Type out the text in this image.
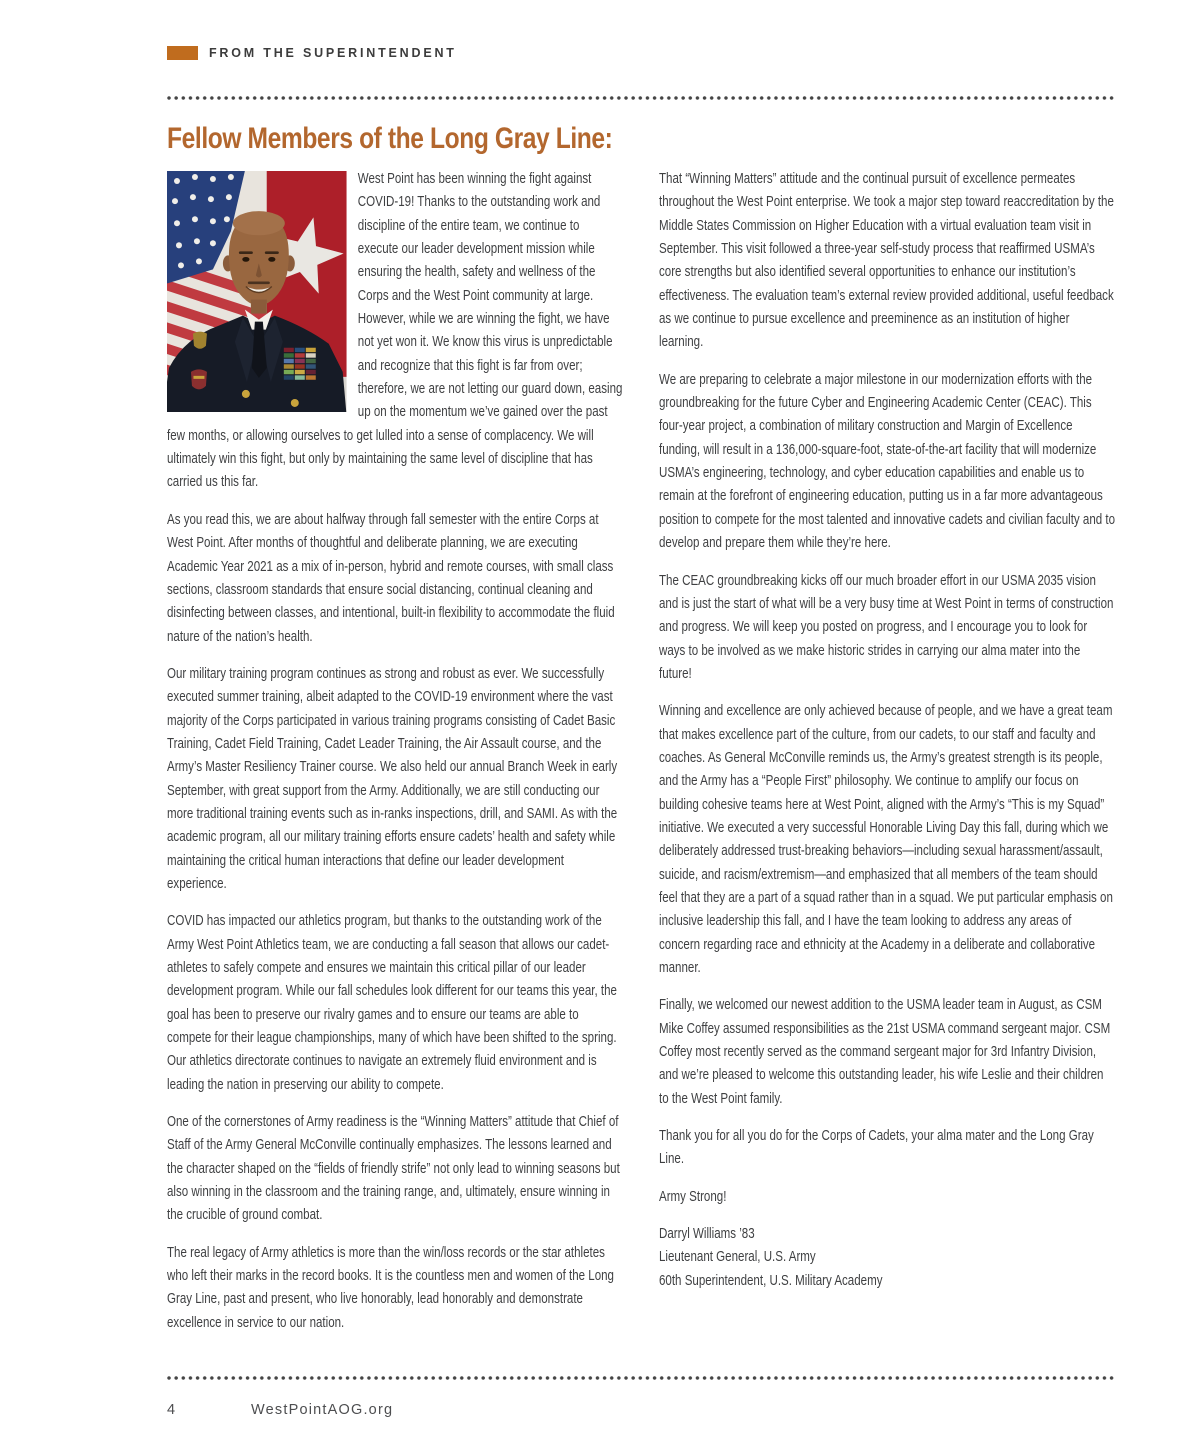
FROM THE SUPERINTENDENT
Fellow Members of the Long Gray Line:

West Point has been winning the fight against COVID-19! Thanks to the outstanding work and discipline of the entire team, we continue to execute our leader development mission while ensuring the health, safety and wellness of the Corps and the West Point community at large. However, while we are winning the fight, we have not yet won it. We know this virus is unpredictable and recognize that this fight is far from over; therefore, we are not letting our guard down, easing up on the momentum we’ve gained over the past few months, or allowing ourselves to get lulled into a sense of complacency. We will ultimately win this fight, but only by maintaining the same level of discipline that has carried us this far.

As you read this, we are about halfway through fall semester with the entire Corps at West Point. After months of thoughtful and deliberate planning, we are executing Academic Year 2021 as a mix of in-person, hybrid and remote courses, with small class sections, classroom standards that ensure social distancing, continual cleaning and disinfecting between classes, and intentional, built-in flexibility to accommodate the fluid nature of the nation’s health.

Our military training program continues as strong and robust as ever. We successfully executed summer training, albeit adapted to the COVID-19 environment where the vast majority of the Corps participated in various training programs consisting of Cadet Basic Training, Cadet Field Training, Cadet Leader Training, the Air Assault course, and the Army’s Master Resiliency Trainer course. We also held our annual Branch Week in early September, with great support from the Army. Additionally, we are still conducting our more traditional training events such as in-ranks inspections, drill, and SAMI. As with the academic program, all our military training efforts ensure cadets’ health and safety while maintaining the critical human interactions that define our leader development experience.

COVID has impacted our athletics program, but thanks to the outstanding work of the Army West Point Athletics team, we are conducting a fall season that allows our cadet-athletes to safely compete and ensures we maintain this critical pillar of our leader development program. While our fall schedules look different for our teams this year, the goal has been to preserve our rivalry games and to ensure our teams are able to compete for their league championships, many of which have been shifted to the spring. Our athletics directorate continues to navigate an extremely fluid environment and is leading the nation in preserving our ability to compete.

One of the cornerstones of Army readiness is the “Winning Matters” attitude that Chief of Staff of the Army General McConville continually emphasizes. The lessons learned and the character shaped on the “fields of friendly strife” not only lead to winning seasons but also winning in the classroom and the training range, and, ultimately, ensure winning in the crucible of ground combat.

The real legacy of Army athletics is more than the win/loss records or the star athletes who left their marks in the record books. It is the countless men and women of the Long Gray Line, past and present, who live honorably, lead honorably and demonstrate excellence in service to our nation.

That “Winning Matters” attitude and the continual pursuit of excellence permeates throughout the West Point enterprise. We took a major step toward reaccreditation by the Middle States Commission on Higher Education with a virtual evaluation team visit in September. This visit followed a three-year self-study process that reaffirmed USMA’s core strengths but also identified several opportunities to enhance our institution’s effectiveness. The evaluation team’s external review provided additional, useful feedback as we continue to pursue excellence and preeminence as an institution of higher learning.

We are preparing to celebrate a major milestone in our modernization efforts with the groundbreaking for the future Cyber and Engineering Academic Center (CEAC). This four-year project, a combination of military construction and Margin of Excellence funding, will result in a 136,000-square-foot, state-of-the-art facility that will modernize USMA’s engineering, technology, and cyber education capabilities and enable us to remain at the forefront of engineering education, putting us in a far more advantageous position to compete for the most talented and innovative cadets and civilian faculty and to develop and prepare them while they’re here.

The CEAC groundbreaking kicks off our much broader effort in our USMA 2035 vision and is just the start of what will be a very busy time at West Point in terms of construction and progress. We will keep you posted on progress, and I encourage you to look for ways to be involved as we make historic strides in carrying our alma mater into the future!

Winning and excellence are only achieved because of people, and we have a great team that makes excellence part of the culture, from our cadets, to our staff and faculty and coaches. As General McConville reminds us, the Army’s greatest strength is its people, and the Army has a “People First” philosophy. We continue to amplify our focus on building cohesive teams here at West Point, aligned with the Army’s “This is my Squad” initiative. We executed a very successful Honorable Living Day this fall, during which we deliberately addressed trust-breaking behaviors—including sexual harassment/assault, suicide, and racism/extremism—and emphasized that all members of the team should feel that they are a part of a squad rather than in a squad. We put particular emphasis on inclusive leadership this fall, and I have the team looking to address any areas of concern regarding race and ethnicity at the Academy in a deliberate and collaborative manner.

Finally, we welcomed our newest addition to the USMA leader team in August, as CSM Mike Coffey assumed responsibilities as the 21st USMA command sergeant major. CSM Coffey most recently served as the command sergeant major for 3rd Infantry Division, and we’re pleased to welcome this outstanding leader, his wife Leslie and their children to the West Point family.

Thank you for all you do for the Corps of Cadets, your alma mater and the Long Gray Line.

Army Strong!

Darryl Williams ’83
Lieutenant General, U.S. Army
60th Superintendent, U.S. Military Academy

4	WestPointAOG.org
